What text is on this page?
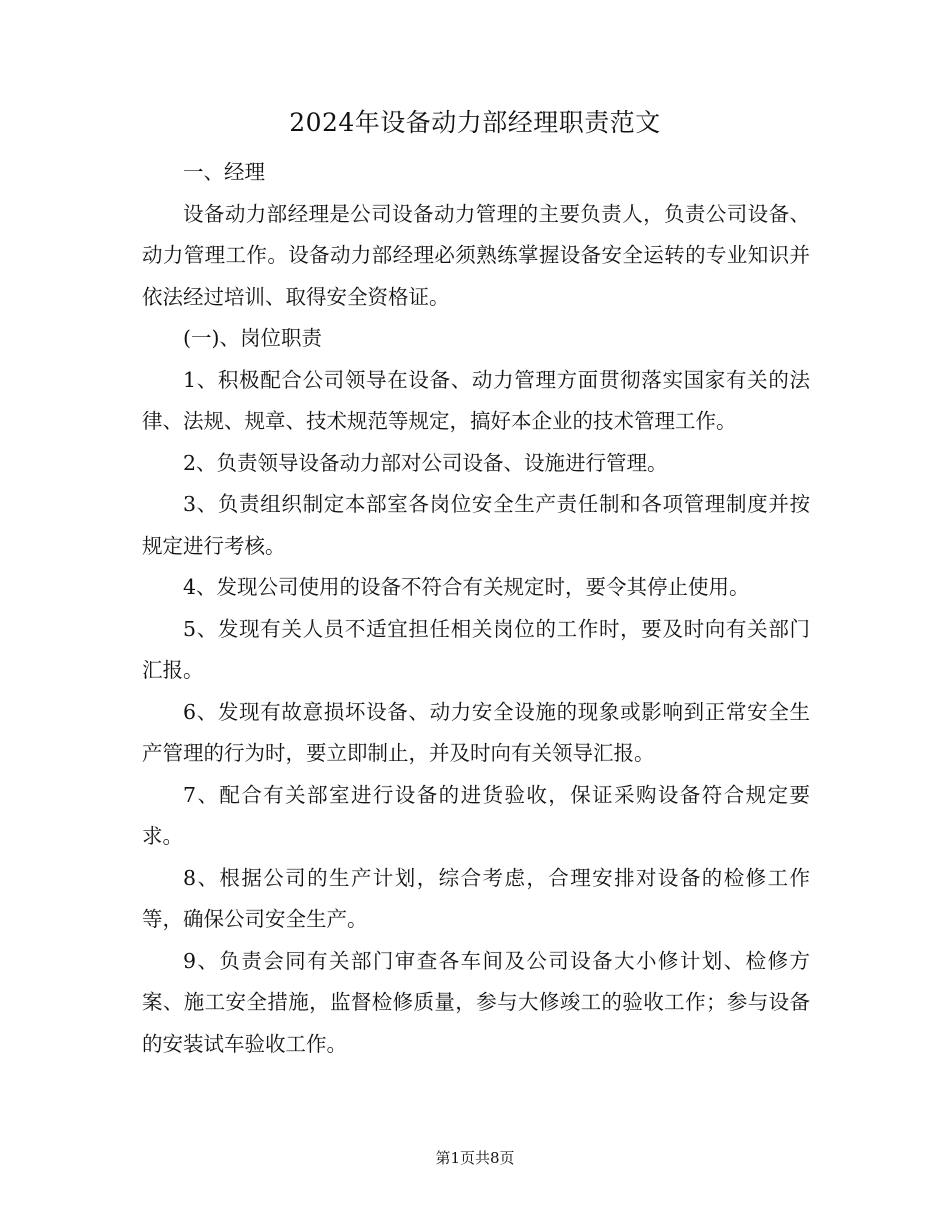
2024年设备动力部经理职责范文

一、经理

设备动力部经理是公司设备动力管理的主要负责人，负责公司设备、动力管理工作。设备动力部经理必须熟练掌握设备安全运转的专业知识并依法经过培训、取得安全资格证。

(一)、岗位职责

1、积极配合公司领导在设备、动力管理方面贯彻落实国家有关的法律、法规、规章、技术规范等规定，搞好本企业的技术管理工作。

2、负责领导设备动力部对公司设备、设施进行管理。

3、负责组织制定本部室各岗位安全生产责任制和各项管理制度并按规定进行考核。

4、发现公司使用的设备不符合有关规定时，要令其停止使用。

5、发现有关人员不适宜担任相关岗位的工作时，要及时向有关部门汇报。

6、发现有故意损坏设备、动力安全设施的现象或影响到正常安全生产管理的行为时，要立即制止，并及时向有关领导汇报。

7、配合有关部室进行设备的进货验收，保证采购设备符合规定要求。

8、根据公司的生产计划，综合考虑，合理安排对设备的检修工作等，确保公司安全生产。

9、负责会同有关部门审查各车间及公司设备大小修计划、检修方案、施工安全措施，监督检修质量，参与大修竣工的验收工作；参与设备的安装试车验收工作。

第1页共8页
